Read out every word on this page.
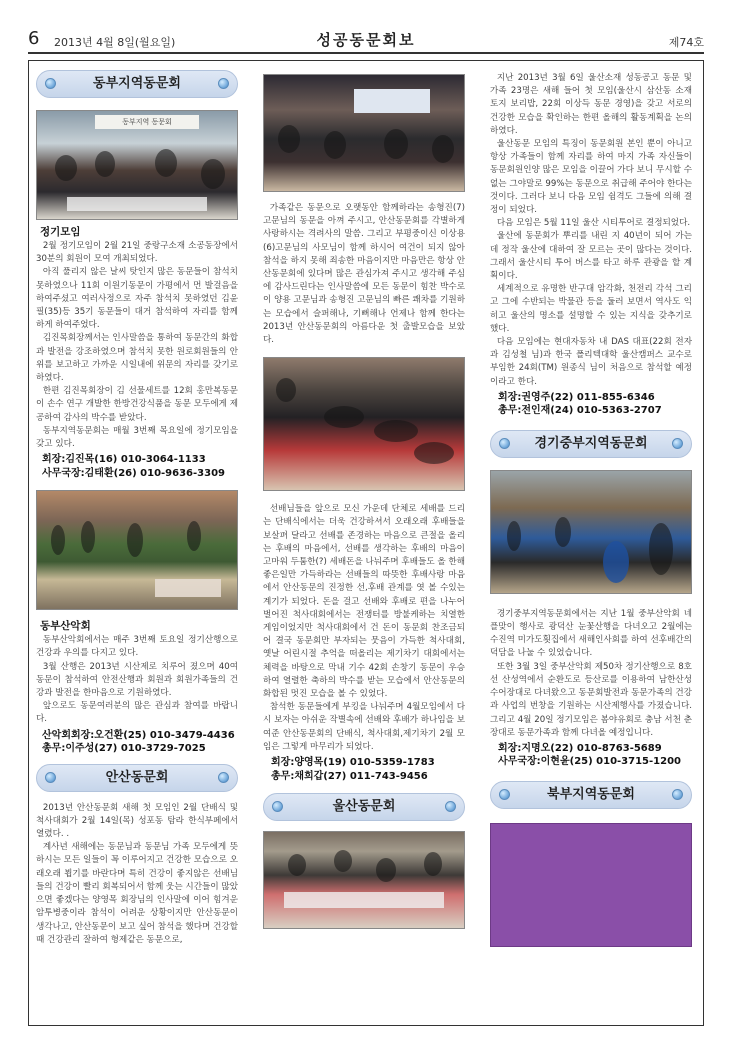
6 2013년 4월 8일(월요일)	성공동문회보	제74호
동부지역동문회
동부지역 동문회
정기모임

2월 정기모임이 2월 21일 중랑구소재 소공동장에서 30분의 회원이 모여 개최되었다.

아직 풀리지 않은 날씨 탓인지 많은 동문들이 참석치 못하였으나 11회 이원기동문이 가평에서 먼 발걸음을 하여주셨고 여러사정으로 자주 참석치 못하였던 김윤필(35)등 35기 동문들이 대거 참석하여 자리를 함께하게 하여주었다.

김진목회장께서는 인사말씀을 통하여 동문간의 화합과 발전을 강조하였으며 참석치 못한 원로회원들의 안위를 보고하고 가까운 시일내에 위문의 자리를 갖기로 하였다.

한편 김진목회장이 김 선물세트를 12회 홍만복동문이 손수 연구 개발한 한방건강식품을 동문 모두에게 제공하여 감사의 박수를 받았다.

동부지역동문회는 매월 3번째 목요일에 정기모임을 갖고 있다.

회장:김진목(16) 010-3064-1133
사무국장:김태환(26) 010-9636-3309
동부산악회

동부산악회에서는 매주 3번째 토요일 정기산행으로 건강과 우의를 다지고 있다.

3월 산행은 2013년 시산제로 치루어 졌으며 40여 동문이 참석하여 안전산행과 회원과 회원가족들의 건강과 발전을 한마음으로 기원하였다.

앞으로도 동문여러분의 많은 관심과 참여를 바랍니다.

산악회회장:오건환(25) 010-3479-4436
총무:이주성(27) 010-3729-7025
안산동문회

2013년 안산동문회 새해 첫 모임인 2월 단배식 및 척사대회가 2월 14일(목) 성포동 탐라 한식부페에서 열렸다. .

계사년 새해에는 동문님과 동문님 가족 모두에게 뜻하시는 모든 일들이 꼭 이루어지고 건강한 모습으로 오래오래 뵙기를 바란다며 특히 건강이 좋지않은 선배님들의 건강이 빨리 회복되어서 함께 웃는 시간들이 많았으면 좋겠다는 양영목 회장님의 인사말에 이어 힘겨운 암투병중이라 참석이 어려운 상황이지만 안산동문이 생각나고, 안산동문이 보고 싶어 참석을 했다며 건강할 때 건강관리 잘하여 형제같은 동문으로,

가족같은 동문으로 오랫동안 함께하라는 송형진(7) 고문님의 동문을 아껴 주시고, 안산동문회를 각별하게 사랑하시는 격려사의 말씀. 그리고 부평중이신 이상용(6)고문님의 사모님이 함께 하시어 여건이 되지 않아 참석을 하지 못해 죄송한 마음이지만 마음만은 항상 안산동문회에 있다며 많은 관심가져 주시고 생각해 주심에 감사드린다는 인사말씀에 모든 동문이 힘찬 박수로 이 양용 고문님과 송형진 고문님의 빠른 쾌차를 기원하는 모습에서 슬퍼해나, 기뻐해나 언제나 함께 한다는 2013년 안산동문회의 아름다운 첫 출발모습을 보았다.

선배님들을 앞으로 모신 가운데 단체로 세배를 드리는 단배식에서는 더욱 건강하셔서 오래오래 후배들을 보살펴 달라고 선배를 존경하는 마음으로 큰절을 올리는 후배의 마음에서, 선배를 생각하는 후배의 마음이 고마워 두툼한(?) 세배돈을 나눠주며 후배들도 올 한해 좋은일만 가득하라는 선배들의 따뜻한 후배사랑 마음에서 안산동문의 진정한 선,후배 관계를 엿 볼 수있는 계기가 되었다. 돈을 걸고 선배와 후배로 편을 나누어 벌어진 척사대회에서는 전쟁터를 방불케하는 치열한 게임이었지만 척사대회에서 건 돈이 동문회 찬조금되어 결국 동문회만 부자되는 뭇음이 가득한 척사대회, 옛날 어린시절 추억을 떠올리는 제기차기 대회에서는 체력을 바탕으로 막내 기수 42회 손창기 동문이 우승하여 열렬한 축하의 박수를 받는 모습에서 안산동문의 화합된 멋진 모습을 볼 수 있었다.

참석한 동문들에게 부킹을 나눠주며 4월모임에서 다시 보자는 아쉬운 작별속에 선배와 후배가 하나임을 보여준 안산동문회의 단배식, 척사대회,제기차기 2월 모임은 그렇게 마무리가 되었다.

회장:양영목(19) 010-5359-1783
총무:채희갑(27) 011-743-9456
울산동문회

지난 2013년 3월 6일 울산소재 성동공고 동문 및 가족 23명은 새해 들어 첫 모임(울산시 삼산동 소재 토지 보리밥, 22회 이상득 동문 경영)을 갖고 서로의 건강한 모습을 확인하는 한편 올해의 활동계획을 논의하였다.

울산동문 모임의 특징이 동문회원 본인 뿐이 아니고 항상 가족들이 함께 자리를 하여 마지 가족 자신들이 동문회원인양 많은 모임을 이끌어 가다 보니 무시할 수 없는 그야말로 99%는 동문으로 취급해 주어야 한다는 것이다. 그러다 보니 다음 모임 쉼격도 그들에 의해 결정이 되었다.

다음 모임은 5월 11일 울산 시티투어로 결정되었다.

울산에 동문회가 뿌리를 내린 지 40년이 되어 가는데 정작 울산에 대하여 잘 모르는 곳이 많다는 것이다. 그래서 울산시티 투어 버스를 타고 하루 관광을 할 계획이다.

세계적으로 유명한 반구대 암각화, 천전리 각석 그리고 그에 수반되는 박물관 등을 둘러 보면서 역사도 익히고 울산의 명소를 설명할 수 있는 지식을 갖추기로 했다.

다음 모임에는 현대자동차 내 DAS 대표(22회 전자과 김성철 님)과 한국 폴리텍대학 울산캠퍼스 교수로 부임한 24회(TM) 원종식 님이 처음으로 참석할 예정이라고 한다.

회장:권영주(22) 011-855-6346
총무:전인재(24) 010-5363-2707
경기중부지역동문회

경기중부지역동문회에서는 지난 1월 중부산악회 네플맞이 행사로 광덕산 눈꽃산행을 다녀오고 2월에는 수진역 미가도횟집에서 새해인사회를 하여 선후배간의 덕담을 나눌 수 있었습니다.

또한 3월 3일 중부산악회 제50차 정기산행으로 8호선 산성역에서 순환도로 등산로를 이용하여 남한산성 수어장대로 다녀왔으고 동문회발전과 동문가족의 건강과 사업의 번창을 기원하는 시산제행사를 가졌습니다. 그리고 4월 20일 정기모임은 봄야유회로 충남 서천 춘장대로 동문가족과 함께 다녀올 예정입니다.

회장:지명오(22) 010-8763-5689
사무국장:이현윤(25) 010-3715-1200
북부지역동문회
